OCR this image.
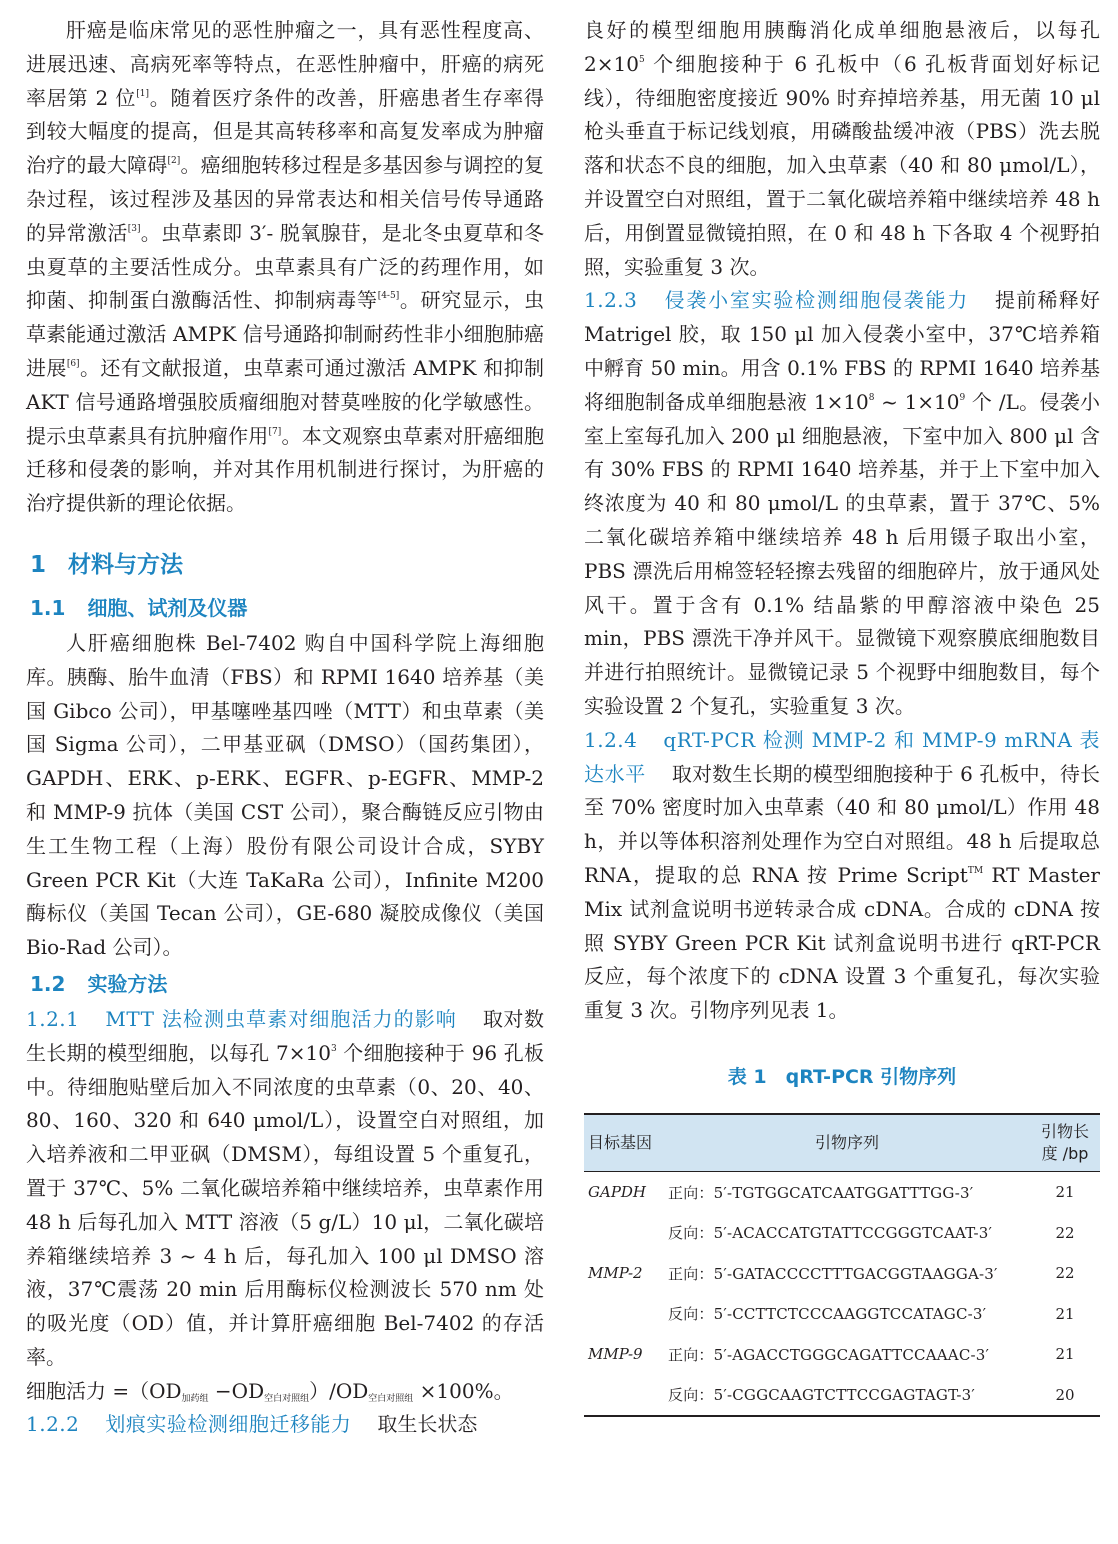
肝癌是临床常见的恶性肿瘤之一，具有恶性程度高、进展迅速、高病死率等特点，在恶性肿瘤中，肝癌的病死率居第 2 位[1]。随着医疗条件的改善，肝癌患者生存率得到较大幅度的提高，但是其高转移率和高复发率成为肿瘤治疗的最大障碍[2]。癌细胞转移过程是多基因参与调控的复杂过程，该过程涉及基因的异常表达和相关信号传导通路的异常激活[3]。虫草素即 3′- 脱氧腺苷，是北冬虫夏草和冬虫夏草的主要活性成分。虫草素具有广泛的药理作用，如抑菌、抑制蛋白激酶活性、抑制病毒等[4-5]。研究显示，虫草素能通过激活 AMPK 信号通路抑制耐药性非小细胞肺癌进展[6]。还有文献报道，虫草素可通过激活 AMPK 和抑制 AKT 信号通路增强胶质瘤细胞对替莫唑胺的化学敏感性。提示虫草素具有抗肿瘤作用[7]。本文观察虫草素对肝癌细胞迁移和侵袭的影响，并对其作用机制进行探讨，为肝癌的治疗提供新的理论依据。

1 材料与方法
1.1 细胞、试剂及仪器

人肝癌细胞株 Bel-7402 购自中国科学院上海细胞库。胰酶、胎牛血清（FBS）和 RPMI 1640 培养基（美国 Gibco 公司），甲基噻唑基四唑（MTT）和虫草素（美国 Sigma 公司），二甲基亚砜（DMSO）（国药集团），GAPDH、ERK、p-ERK、EGFR、p-EGFR、MMP-2 和 MMP-9 抗体（美国 CST 公司），聚合酶链反应引物由生工生物工程（上海）股份有限公司设计合成，SYBY Green PCR Kit（大连 TaKaRa 公司），Infinite M200 酶标仪（美国 Tecan 公司），GE-680 凝胶成像仪（美国 Bio-Rad 公司）。

1.2 实验方法

1.2.1 MTT 法检测虫草素对细胞活力的影响 取对数生长期的模型细胞，以每孔 $7\times 10^3$ 个细胞接种于 96 孔板中。待细胞贴壁后加入不同浓度的虫草素（0、20、40、80、160、320 和 640 μmol/L），设置空白对照组，加入培养液和二甲亚砜（DMSM），每组设置 5 个重复孔，置于 37℃、5% 二氧化碳培养箱中继续培养，虫草素作用 48 h 后每孔加入 MTT 溶液（5 g/L）10 μl，二氧化碳培养箱继续培养 3 ~ 4 h 后，每孔加入 100 μl DMSO 溶液，37℃震荡 20 min 后用酶标仪检测波长 570 nm 处的吸光度（OD）值，并计算肝癌细胞 Bel-7402 的存活率。

细胞活力 $=(OD_{加药组} -OD_{空白对照组})/OD_{空白对照组} \times 100\%$。

1.2.2 划痕实验检测细胞迁移能力 取生长状态

良好的模型细胞用胰酶消化成单细胞悬液后，以每孔 $2\times 10^5$ 个细胞接种于 6 孔板中（6 孔板背面划好标记线），待细胞密度接近 90% 时弃掉培养基，用无菌 10 μl 枪头垂直于标记线划痕，用磷酸盐缓冲液（PBS）洗去脱落和状态不良的细胞，加入虫草素（40 和 80 μmol/L），并设置空白对照组，置于二氧化碳培养箱中继续培养 48 h 后，用倒置显微镜拍照，在 0 和 48 h 下各取 4 个视野拍照，实验重复 3 次。

1.2.3 侵袭小室实验检测细胞侵袭能力 提前稀释好 Matrigel 胶，取 150 μl 加入侵袭小室中，37℃培养箱中孵育 50 min。用含 0.1% FBS 的 RPMI 1640 培养基将细胞制备成单细胞悬液 $1\times 10^8$ ~ $1\times 10^9$ 个 /L。侵袭小室上室每孔加入 200 μl 细胞悬液，下室中加入 800 μl 含有 30% FBS 的 RPMI 1640 培养基，并于上下室中加入终浓度为 40 和 80 μmol/L 的虫草素，置于 37℃、5% 二氧化碳培养箱中继续培养 48 h 后用镊子取出小室，PBS 漂洗后用棉签轻轻擦去残留的细胞碎片，放于通风处风干。置于含有 0.1% 结晶紫的甲醇溶液中染色 25 min，PBS 漂洗干净并风干。显微镜下观察膜底细胞数目并进行拍照统计。显微镜记录 5 个视野中细胞数目，每个实验设置 2 个复孔，实验重复 3 次。

1.2.4 qRT-PCR 检测 MMP-2 和 MMP-9 mRNA 表达水平 取对数生长期的模型细胞接种于 6 孔板中，待长至 70% 密度时加入虫草素（40 和 80 μmol/L）作用 48 h，并以等体积溶剂处理作为空白对照组。48 h 后提取总 RNA，提取的总 RNA 按 Prime Script™ RT Master Mix 试剂盒说明书逆转录合成 cDNA。合成的 cDNA 按照 SYBY Green PCR Kit 试剂盒说明书进行 qRT-PCR 反应，每个浓度下的 cDNA 设置 3 个重复孔，每次实验重复 3 次。引物序列见表 1。

表 1　qRT-PCR 引物序列
目标基因	引物序列	引物长度 /bp
GAPDH	正向：5′-TGTGGCATCAATGGATTTGG-3′	21
	反向：5′-ACACCATGTATTCCGGGTCAAT-3′	22
MMP-2	正向：5′-GATACCCCTTTGACGGTAAGGA-3′	22
	反向：5′-CCTTCTCCCAAGGTCCATAGC-3′	21
MMP-9	正向：5′-AGACCTGGGCAGATTCCAAAC-3′	21
	反向：5′-CGGCAAGTCTTCCGAGTAGT-3′	20
